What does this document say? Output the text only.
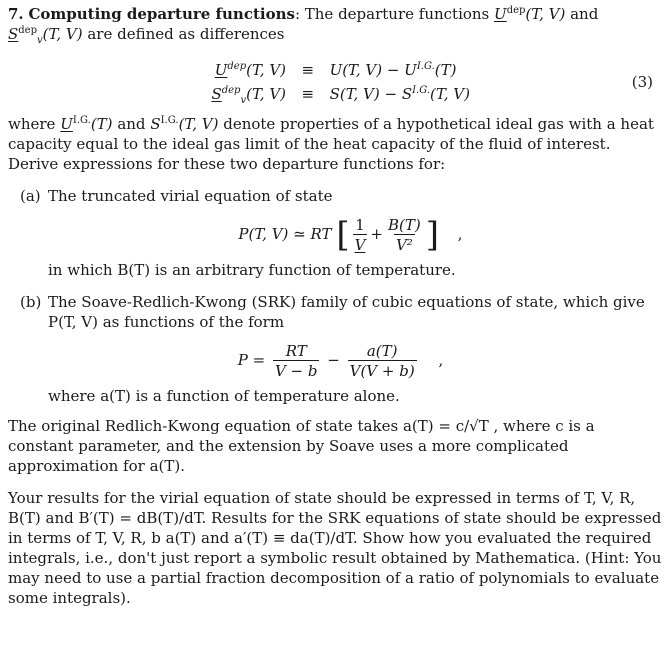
7. Computing departure functions: The departure functions $U^{dep}(T$, V) and $S^{dep}_v(T$, V) are defined as differences

$U^{dep}(T$, V) ≡ U(T, $V) - U^{I.G.}(T)$
$S^{dep}_v(T$, V) ≡ S(T, $V) - S^{I.G.}(T$, V)
(3)

where $U^{I.G.}(T)$ and $S^{I.G.}(T$, V) denote properties of a hypothetical ideal gas with a heat capacity equal to the ideal gas limit of the heat capacity of the fluid of interest. Derive expressions for these two departure functions for:

(a) The truncated virial equation of state

P(T, V) ≃ RT [ $\frac{1}{V} + \frac{B(T)}{\text{V²}}$ ] ,

in which B(T) is an arbitrary function of temperature.

(b) The Soave-Redlich-Kwong (SRK) family of cubic equations of state, which give P(T, V) as functions of the form

$P = \frac{RT}{V - b} - \frac{a(T)}{V(V + b)}$ ,

where a(T) is a function of temperature alone.

The original Redlich-Kwong equation of state takes a(T) = c/√T , where c is a constant parameter, and the extension by Soave uses a more complicated approximation for a(T).

Your results for the virial equation of state should be expressed in terms of T, V, R, B(T) and B′(T) = dB(T)/dT. Results for the SRK equations of state should be expressed in terms of T, V, R, b a(T) and a′(T) ≡ da(T)/dT. Show how you evaluated the required integrals, i.e., don't just report a symbolic result obtained by Mathematica. (Hint: You may need to use a partial fraction decomposition of a ratio of polynomials to evaluate some integrals).
